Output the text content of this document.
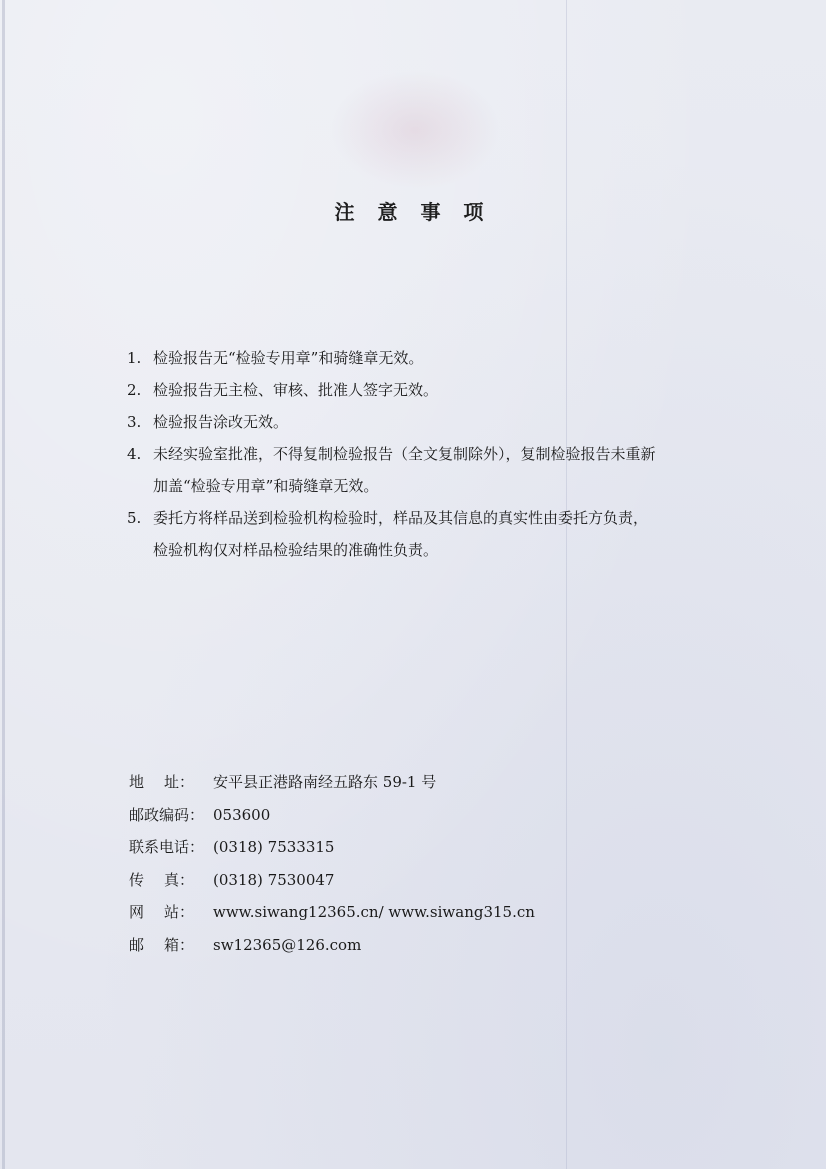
注 意 事 项
1. 检验报告无“检验专用章”和骑缝章无效。
2. 检验报告无主检、审核、批准人签字无效。
3. 检验报告涂改无效。
4. 未经实验室批准，不得复制检验报告（全文复制除外），复制检验报告未重新
加盖“检验专用章”和骑缝章无效。
5. 委托方将样品送到检验机构检验时，样品及其信息的真实性由委托方负责，
检验机构仅对样品检验结果的准确性负责。
地 址： 安平县正港路南经五路东 59-1 号
邮政编码： 053600
联系电话： (0318) 7533315
传 真： (0318) 7530047
网 站： www.siwang12365.cn/ www.siwang315.cn
邮 箱： sw12365@126.com
